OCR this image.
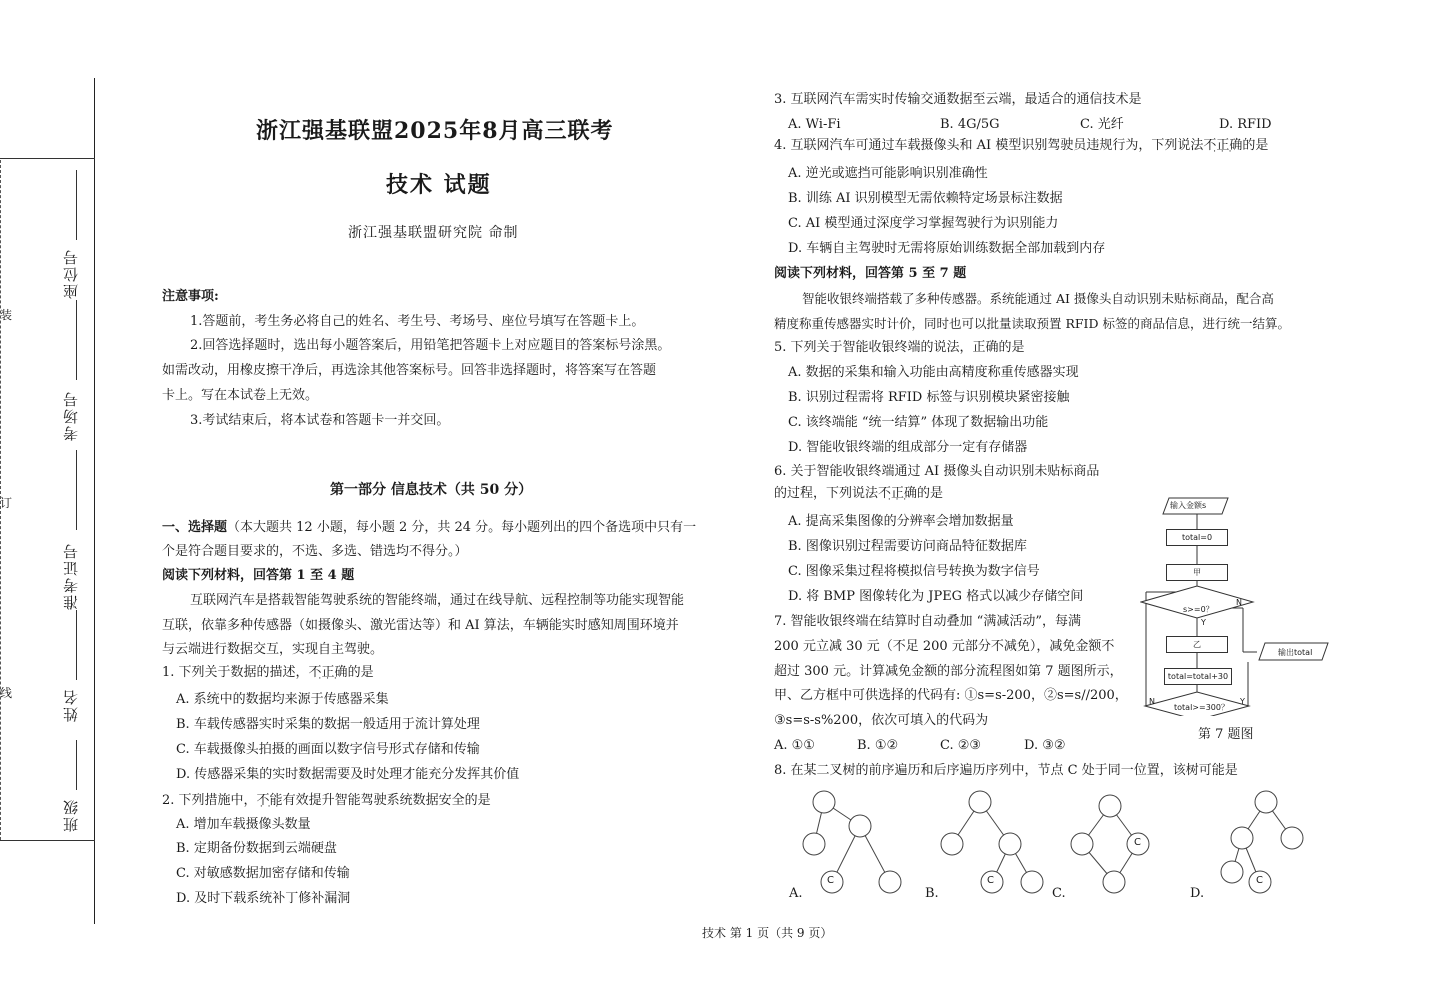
装
订
线
座位号
考场号
准考证号
姓名
班级
浙江强基联盟2025年8月高三联考
技术 试题
浙江强基联盟研究院 命制
注意事项:
1.答题前，考生务必将自己的姓名、考生号、考场号、座位号填写在答题卡上。
2.回答选择题时，选出每小题答案后，用铅笔把答题卡上对应题目的答案标号涂黑。
如需改动，用橡皮擦干净后，再选涂其他答案标号。回答非选择题时，将答案写在答题
卡上。写在本试卷上无效。
3.考试结束后，将本试卷和答题卡一并交回。
第一部分 信息技术（共 50 分）
一、选择题（本大题共 12 小题，每小题 2 分，共 24 分。每小题列出的四个备选项中只有一
个是符合题目要求的，不选、多选、错选均不得分。）
阅读下列材料，回答第 1 至 4 题
互联网汽车是搭载智能驾驶系统的智能终端，通过在线导航、远程控制等功能实现智能
互联，依靠多种传感器（如摄像头、激光雷达等）和 AI 算法，车辆能实时感知周围环境并
与云端进行数据交互，实现自主驾驶。
1. 下列关于数据的描述，不正确 · · ·的是
A. 系统中的数据均来源于传感器采集
B. 车载传感器实时采集的数据一般适用于流计算处理
C. 车载摄像头拍摄的画面以数字信号形式存储和传输
D. 传感器采集的实时数据需要及时处理才能充分发挥其价值
2. 下列措施中，不能 · · ·有效提升智能驾驶系统数据安全的是
A. 增加车载摄像头数量
B. 定期备份数据到云端硬盘
C. 对敏感数据加密存储和传输
D. 及时下载系统补丁修补漏洞
3. 互联网汽车需实时传输交通数据至云端，最适合的通信技术是
A. Wi-Fi	B. 4G/5G	C. 光纤	D. RFID
4. 互联网汽车可通过车载摄像头和 AI 模型识别驾驶员违规行为，下列说法不正确 · · ·的是
A. 逆光或遮挡可能影响识别准确性
B. 训练 AI 识别模型无需依赖特定场景标注数据
C. AI 模型通过深度学习掌握驾驶行为识别能力
D. 车辆自主驾驶时无需将原始训练数据全部加载到内存
阅读下列材料，回答第 5 至 7 题
智能收银终端搭载了多种传感器。系统能通过 AI 摄像头自动识别未贴标商品，配合高
精度称重传感器实时计价，同时也可以批量读取预置 RFID 标签的商品信息，进行统一结算。
5. 下列关于智能收银终端的说法，正确的是
A. 数据的采集和输入功能由高精度称重传感器实现
B. 识别过程需将 RFID 标签与识别模块紧密接触
C. 该终端能 “统一结算” 体现了数据输出功能
D. 智能收银终端的组成部分一定有存储器
6. 关于智能收银终端通过 AI 摄像头自动识别未贴标商品
的过程，下列说法不正确 · · ·的是
A. 提高采集图像的分辨率会增加数据量
B. 图像识别过程需要访问商品特征数据库
C. 图像采集过程将模拟信号转换为数字信号
D. 将 BMP 图像转化为 JPEG 格式以减少存储空间
7. 智能收银终端在结算时自动叠加 “满减活动”，每满
200 元立减 30 元（不足 200 元部分不减免），减免金额不
超过 300 元。计算减免金额的部分流程图如第 7 题图所示，
甲、乙方框中可供选择的代码有: ①s=s-200，②s=s//200，
③s=s-s%200，依次可填入的代码为
A. ①①	B. ①②	C. ②③	D. ③②
输入金额s
total=0
甲
s>=0？
乙
total=total+30
输出total
total>=300？
N
Y
N	Y
第 7 题图
8. 在某二叉树的前序遍历和后序遍历序列中，节点 C 处于同一位置，该树可能是
C	C
C
C
A.	B.	C.	D.
技术 第 1 页（共 9 页）
